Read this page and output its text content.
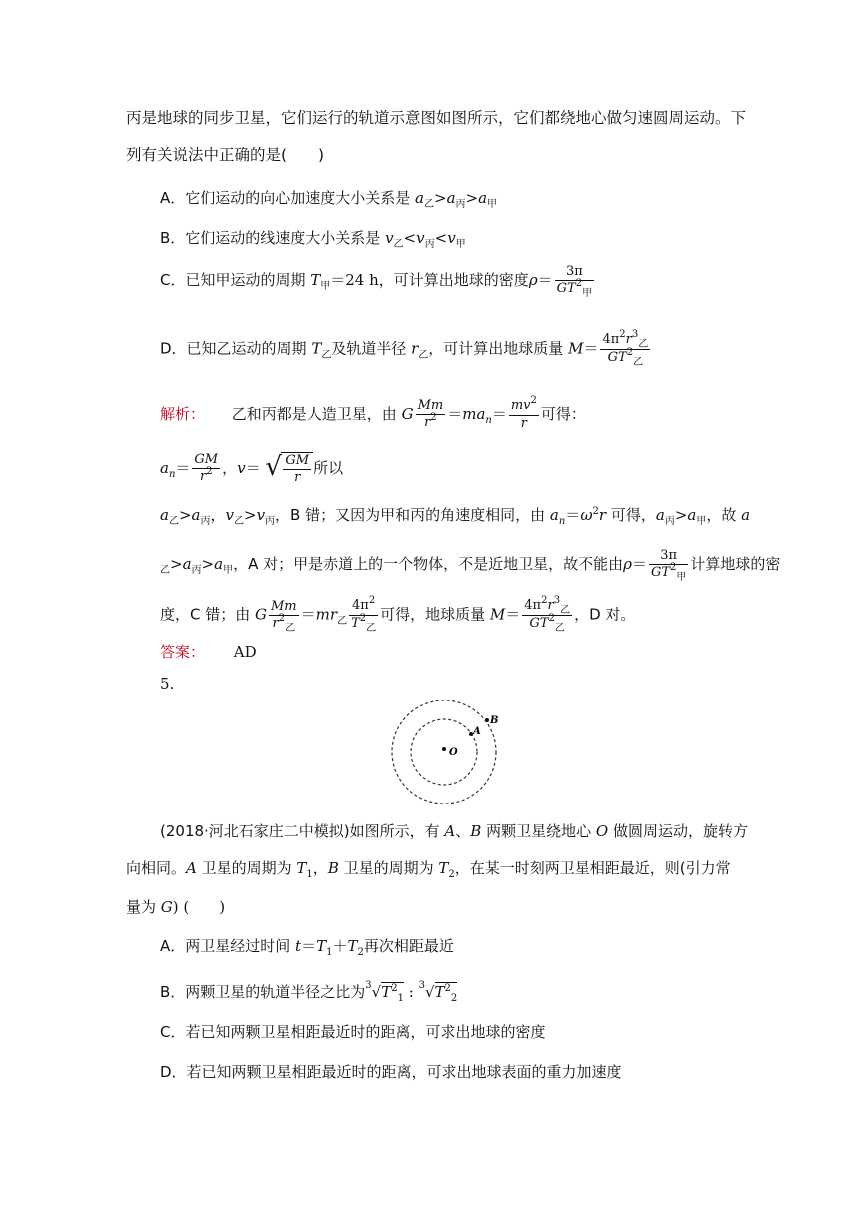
丙是地球的同步卫星，它们运行的轨道示意图如图所示，它们都绕地心做匀速圆周运动。下
列有关说法中正确的是(　　)
A．它们运动的向心加速度大小关系是 $a_乙>a_丙>a_甲$
B．它们运动的线速度大小关系是 $v_乙<v_丙<v_甲$
C．已知甲运动的周期 $T_甲=24$ h，可计算出地球的密度$\rho= \frac{3\pi}{GT^2_甲}$
D．已知乙运动的周期 $T_乙$及轨道半径 $r_乙$，可计算出地球质量 $M= \frac{4\pi^2r^3_乙}{GT^2_乙}$
解析： 乙和丙都是人造卫星，由 G $\frac{Mm}{r^2} =ma_n= \frac{mv^2}{r}$ 可得：
$a_n= \frac{GM}{r^2}$ ，v＝ √ $\frac{GM}{r}$ 所以
$a_乙>a_丙$，$v_乙>v_丙$，B 错；又因为甲和丙的角速度相同，由 $a_n=\omega^2r$ 可得，$a_丙>a_甲$，故 a
$_乙>a_丙>a_甲$，A 对；甲是赤道上的一个物体，不是近地卫星，故不能由$\rho= \frac{3\pi}{GT^2_甲}$ 计算地球的密
度，C 错；由 G $\frac{Mm}{r^2_乙} =mr_乙 \frac{4\pi^2}{T^2_乙}$ 可得，地球质量 $M= \frac{4\pi^2r^3_乙}{GT^2_乙}$ ，D 对。
答案： AD
5.
O
A
B
(2018·河北石家庄二中模拟)如图所示，有 A、B 两颗卫星绕地心 O 做圆周运动，旋转方
向相同。A 卫星的周期为 $T_1$，B 卫星的周期为 $T_2$，在某一时刻两卫星相距最近，则(引力常
量为 G) (　　)
A．两卫星经过时间 $t=T_1+T_2$再次相距最近
B．两颗卫星的轨道半径之比为$^3√T^2_1$ : $^3√T^2_2$
C．若已知两颗卫星相距最近时的距离，可求出地球的密度
D．若已知两颗卫星相距最近时的距离，可求出地球表面的重力加速度
